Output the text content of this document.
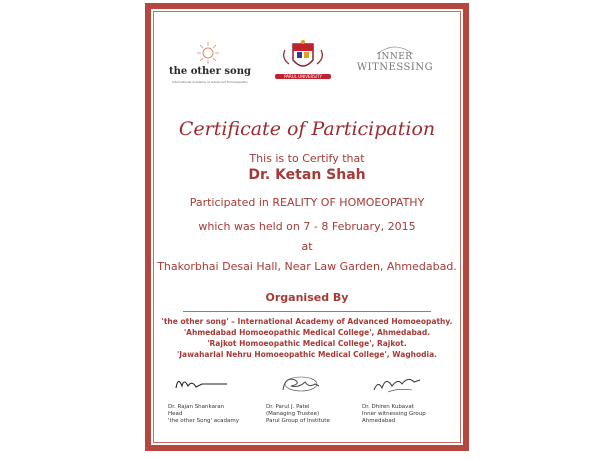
the other song
International Academy of Advanced Homoeopathy
PARUL UNIVERSITY
INNER
WITNESSING
Certificate of Participation
This is to Certify that
Dr. Ketan Shah
Participated in REALITY OF HOMOEOPATHY
which was held on 7 - 8 February, 2015
at
Thakorbhai Desai Hall, Near Law Garden, Ahmedabad.
Organised By
'the other song' – International Academy of Advanced Homoeopathy.
'Ahmedabad Homoeopathic Medical College', Ahmedabad.
'Rajkot Homoeopathic Medical College', Rajkot.
'Jawaharlal Nehru Homoeopathic Medical College', Waghodia.
Dr. Rajan Shankaran
Head
'the other Song' acadamy
Dr. Parul J. Patel
(Managing Trustee)
Parul Group of Institute
Dr. Dhiren Kubavat
Inner witnessing Group
Ahmedabad
